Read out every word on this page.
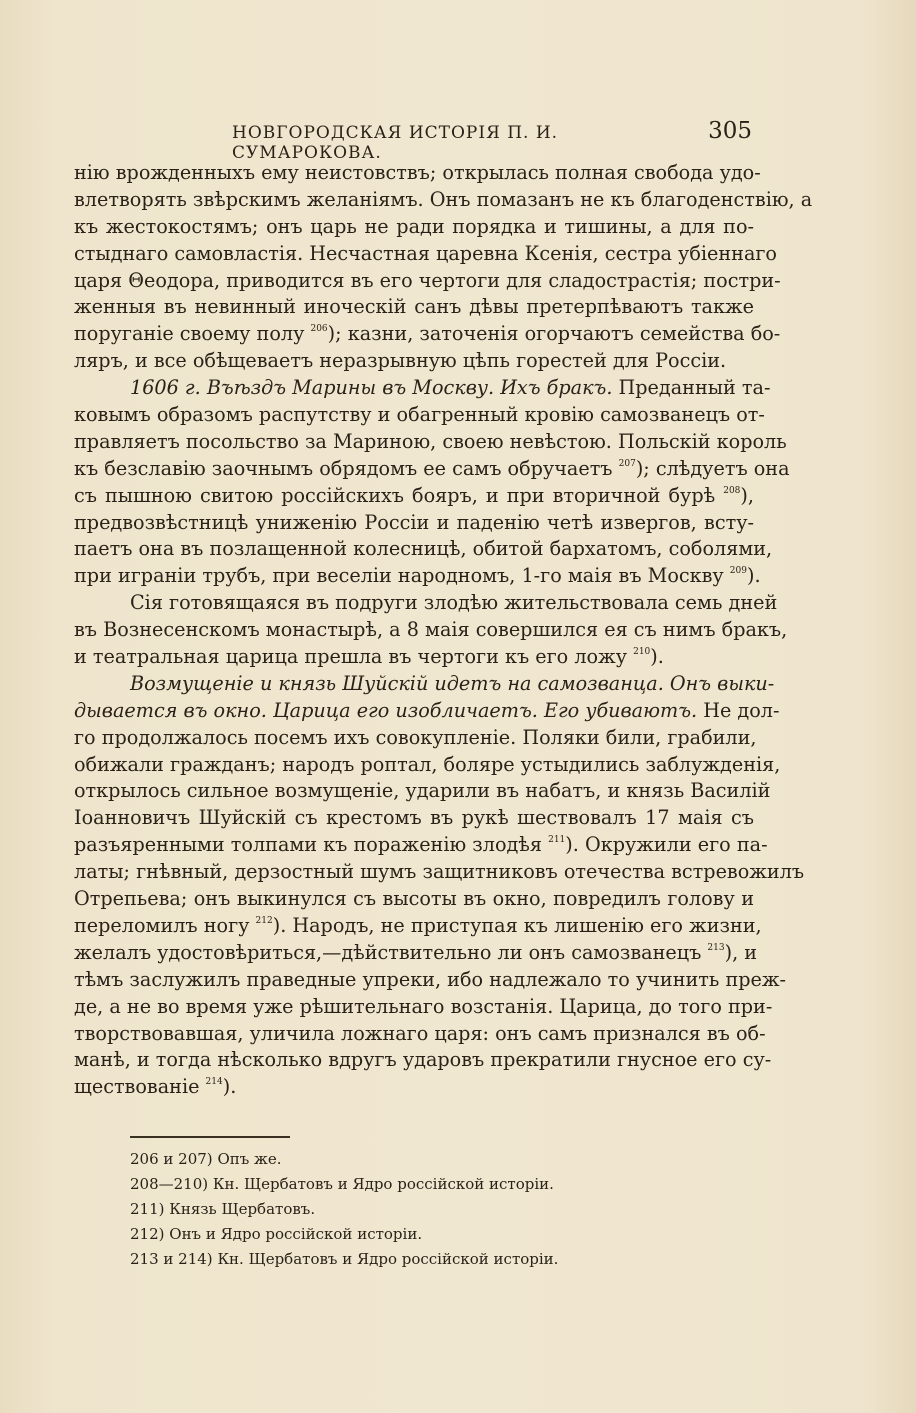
НОВГОРОДСКАЯ ИСТОРІЯ П. И. СУМАРОКОВА.
305
нію врожденныхъ ему неистовствъ; открылась полная свобода удо-
влетворять звѣрскимъ желаніямъ. Онъ помазанъ не къ благоденствію, а
къ жестокостямъ; онъ царь не ради порядка и тишины, а для по-
стыднаго самовластія. Несчастная царевна Ксенія, сестра убіеннаго
царя Θеодора, приводится въ его чертоги для сладострастія; постри-
женныя въ невинный иноческій санъ дѣвы претерпѣваютъ также
поруганіе своему полу $^{206}$); казни, заточенія огорчаютъ семейства бо-
ляръ, и все обѣщеваетъ неразрывную цѣпь горестей для Россіи.
1606 г. Въѣздъ Марины въ Москву. Ихъ бракъ. Преданный та-
ковымъ образомъ распутству и обагренный кровію самозванецъ от-
правляетъ посольство за Мариною, своею невѣстою. Польскій король
къ безславію заочнымъ обрядомъ ее самъ обручаетъ $^{207}$); слѣдуетъ она
съ пышною свитою россійскихъ бояръ, и при вторичной бурѣ $^{208}$),
предвозвѣстницѣ униженію Россіи и паденію четѣ извергов, всту-
паетъ она въ позлащенной колесницѣ, обитой бархатомъ, соболями,
при играніи трубъ, при веселіи народномъ, 1-го маія въ Москву $^{209}$).
Сія готовящаяся въ подруги злодѣю жительствовала семь дней
въ Вознесенскомъ монастырѣ, а 8 маія совершился ея съ нимъ бракъ,
и театральная царица прешла въ чертоги къ его ложу $^{210}$).
Возмущеніе и князь Шуйскій идетъ на самозванца. Онъ выки-
дывается въ окно. Царица его изобличаетъ. Его убиваютъ. Не дол-
го продолжалось посемъ ихъ совокупленіе. Поляки били, грабили,
обижали гражданъ; народъ роптал, боляре устыдились заблужденія,
открылось сильное возмущеніе, ударили въ набатъ, и князь Василій
Іоанновичъ Шуйскій съ крестомъ въ рукѣ шествовалъ 17 маія съ
разъяренными толпами къ пораженію злодѣя $^{211}$). Окружили его па-
латы; гнѣвный, дерзостный шумъ защитниковъ отечества встревожилъ
Отрепьева; онъ выкинулся съ высоты въ окно, повредилъ голову и
переломилъ ногу $^{212}$). Народъ, не приступая къ лишенію его жизни,
желалъ удостовѣриться,—дѣйствительно ли онъ самозванецъ $^{213}$), и
тѣмъ заслужилъ праведные упреки, ибо надлежало то учинить преж-
де, а не во время уже рѣшительнаго возстанія. Царица, до того при-
творствовавшая, уличила ложнаго царя: онъ самъ признался въ об-
манѣ, и тогда нѣсколько вдругъ ударовъ прекратили гнусное его су-
ществованіе $^{214}$).
206 и 207) Опъ же.
208—210) Кн. Щербатовъ и Ядро россійской исторіи.
211) Князь Щербатовъ.
212) Онъ и Ядро россійской исторіи.
213 и 214) Кн. Щербатовъ и Ядро россійской исторіи.
